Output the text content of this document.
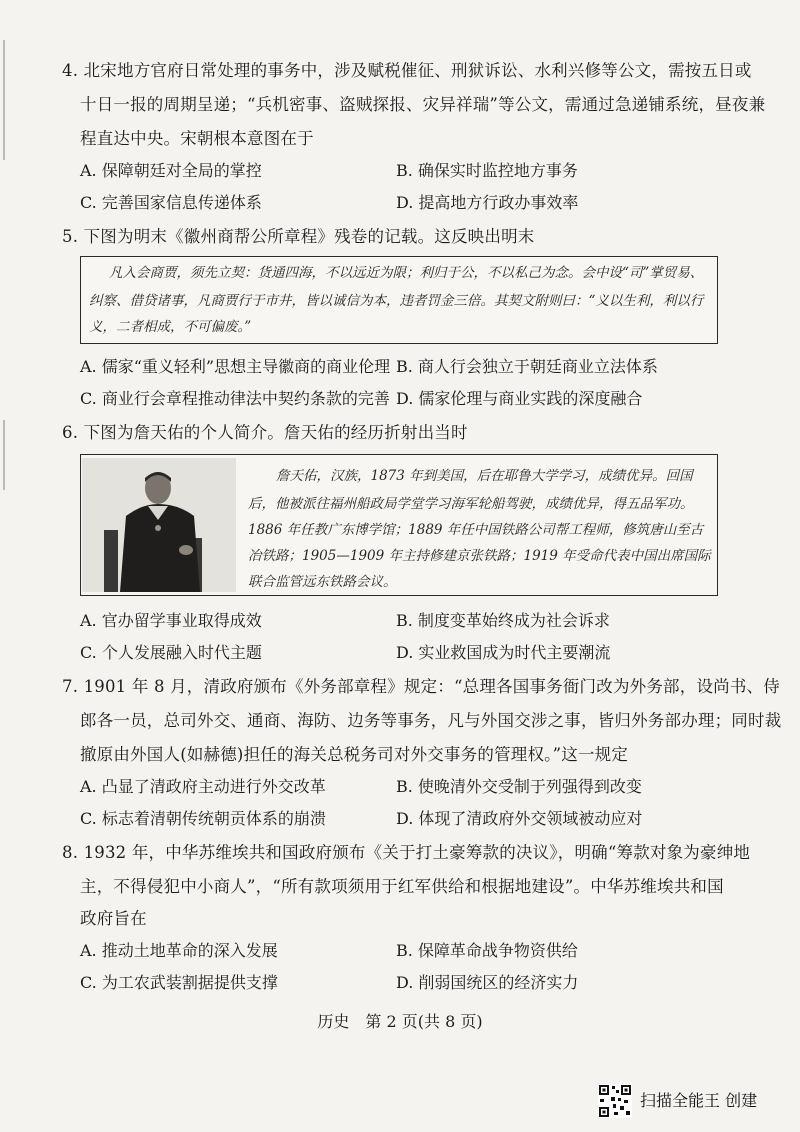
4. 北宋地方官府日常处理的事务中，涉及赋税催征、刑狱诉讼、水利兴修等公文，需按五日或
十日一报的周期呈递；“兵机密事、盗贼探报、灾异祥瑞”等公文，需通过急递铺系统，昼夜兼
程直达中央。宋朝根本意图在于
A. 保障朝廷对全局的掌控	B. 确保实时监控地方事务
C. 完善国家信息传递体系	D. 提高地方行政办事效率
5. 下图为明末《徽州商帮公所章程》残卷的记载。这反映出明末
凡入会商贾，须先立契：货通四海，不以远近为限；利归于公，不以私己为念。会中设“司”掌贸易、
纠察、借贷诸事，凡商贾行于市井，皆以诚信为本，违者罚金三倍。其契文附则曰：“义以生利，利以行
义，二者相成，不可偏废。”
A. 儒家“重义轻利”思想主导徽商的商业伦理 B. 商人行会独立于朝廷商业立法体系
C. 商业行会章程推动律法中契约条款的完善 D. 儒家伦理与商业实践的深度融合
6. 下图为詹天佑的个人简介。詹天佑的经历折射出当时
詹天佑，汉族，1873 年到美国，后在耶鲁大学学习，成绩优异。回国
后，他被派往福州船政局学堂学习海军轮船驾驶，成绩优异，得五品军功。
1886 年任教广东博学馆；1889 年任中国铁路公司帮工程师，修筑唐山至古
冶铁路；1905—1909 年主持修建京张铁路；1919 年受命代表中国出席国际
联合监管远东铁路会议。
A. 官办留学事业取得成效	B. 制度变革始终成为社会诉求
C. 个人发展融入时代主题	D. 实业救国成为时代主要潮流
7. 1901 年 8 月，清政府颁布《外务部章程》规定：“总理各国事务衙门改为外务部，设尚书、侍
郎各一员，总司外交、通商、海防、边务等事务，凡与外国交涉之事，皆归外务部办理；同时裁
撤原由外国人(如赫德)担任的海关总税务司对外交事务的管理权。”这一规定
A. 凸显了清政府主动进行外交改革	B. 使晚清外交受制于列强得到改变
C. 标志着清朝传统朝贡体系的崩溃	D. 体现了清政府外交领域被动应对
8. 1932 年，中华苏维埃共和国政府颁布《关于打土豪筹款的决议》，明确“筹款对象为豪绅地
主，不得侵犯中小商人”，“所有款项须用于红军供给和根据地建设”。中华苏维埃共和国
政府旨在
A. 推动土地革命的深入发展	B. 保障革命战争物资供给
C. 为工农武装割据提供支撑	D. 削弱国统区的经济实力
历史　第 2 页(共 8 页)
扫描全能王 创建
